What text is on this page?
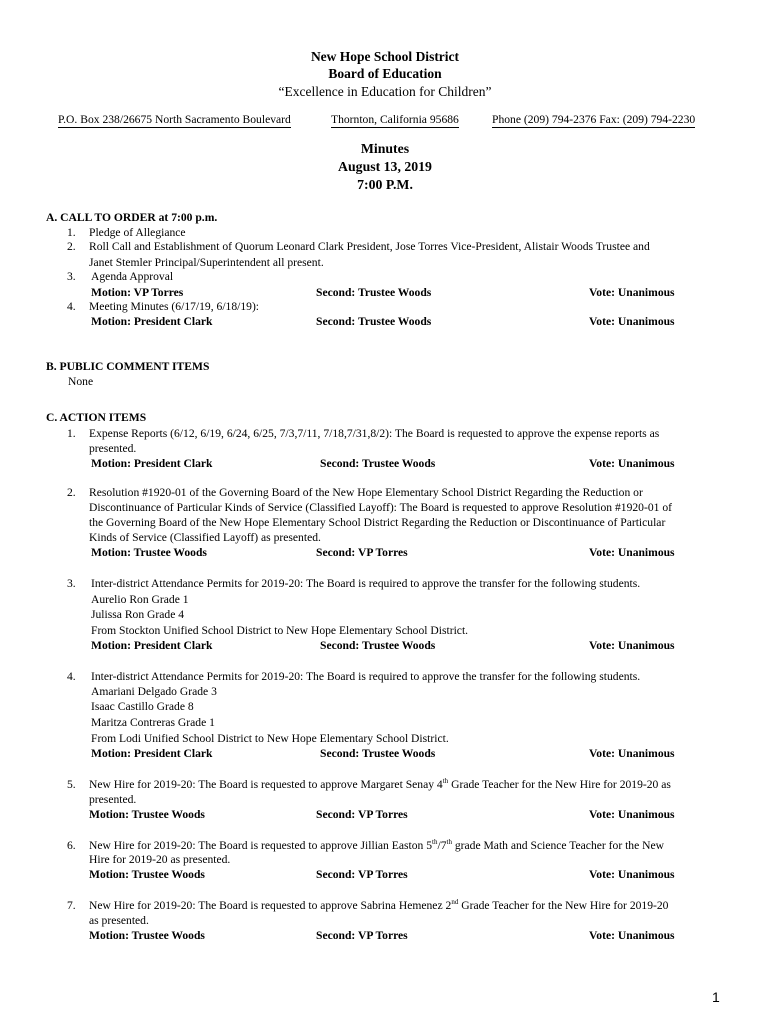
New Hope School District
Board of Education
“Excellence in Education for Children”
P.O. Box 238/26675 North Sacramento Boulevard	Thornton, California 95686	Phone (209) 794-2376 Fax: (209) 794-2230
Minutes
August 13, 2019
7:00 P.M.
A. CALL TO ORDER at 7:00 p.m.
1. Pledge of Allegiance
2. Roll Call and Establishment of Quorum Leonard Clark President, Jose Torres Vice-President, Alistair Woods Trustee and
Janet Stemler Principal/Superintendent all present.
3. Agenda Approval
Motion: VP Torres	Second: Trustee Woods	Vote: Unanimous
4. Meeting Minutes (6/17/19, 6/18/19):
Motion: President Clark	Second: Trustee Woods	Vote: Unanimous
B. PUBLIC COMMENT ITEMS
None
C. ACTION ITEMS
1. Expense Reports (6/12, 6/19, 6/24, 6/25, 7/3,7/11, 7/18,7/31,8/2): The Board is requested to approve the expense reports as
presented.
Motion: President Clark	Second: Trustee Woods	Vote: Unanimous
2. Resolution #1920-01 of the Governing Board of the New Hope Elementary School District Regarding the Reduction or
Discontinuance of Particular Kinds of Service (Classified Layoff): The Board is requested to approve Resolution #1920-01 of
the Governing Board of the New Hope Elementary School District Regarding the Reduction or Discontinuance of Particular
Kinds of Service (Classified Layoff) as presented.
Motion: Trustee Woods	Second: VP Torres	Vote: Unanimous
3. Inter-district Attendance Permits for 2019-20: The Board is required to approve the transfer for the following students.
Aurelio Ron Grade 1
Julissa Ron Grade 4
From Stockton Unified School District to New Hope Elementary School District.
Motion: President Clark	Second: Trustee Woods	Vote: Unanimous
4. Inter-district Attendance Permits for 2019-20: The Board is required to approve the transfer for the following students.
Amariani Delgado Grade 3
Isaac Castillo Grade 8
Maritza Contreras Grade 1
From Lodi Unified School District to New Hope Elementary School District.
Motion: President Clark	Second: Trustee Woods	Vote: Unanimous
5. New Hire for 2019-20: The Board is requested to approve Margaret Senay 4th Grade Teacher for the New Hire for 2019-20 as
presented.
Motion: Trustee Woods	Second: VP Torres	Vote: Unanimous
6. New Hire for 2019-20: The Board is requested to approve Jillian Easton 5th/7th grade Math and Science Teacher for the New
Hire for 2019-20 as presented.
Motion: Trustee Woods	Second: VP Torres	Vote: Unanimous
7. New Hire for 2019-20: The Board is requested to approve Sabrina Hemenez 2nd Grade Teacher for the New Hire for 2019-20
as presented.
Motion: Trustee Woods	Second: VP Torres	Vote: Unanimous
1
